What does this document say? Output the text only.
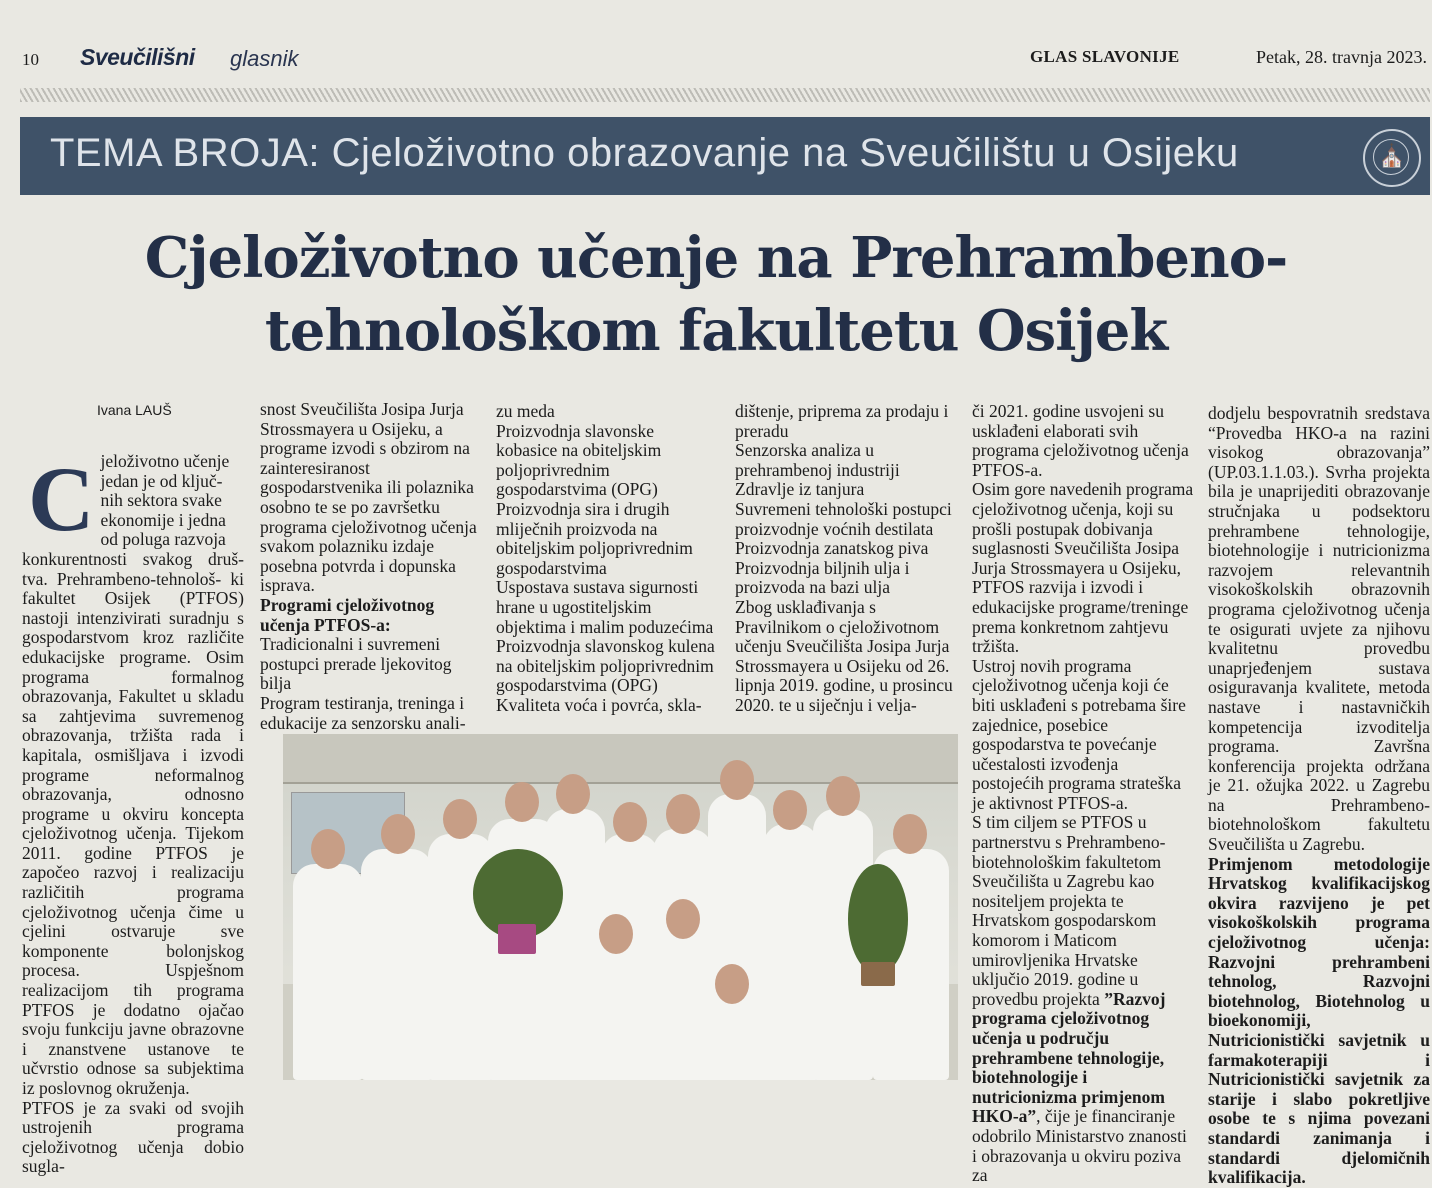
10 Sveučilišni glasnik	GLAS SLAVONIJE	Petak, 28. travnja 2023.
TEMA BROJA: Cjeloživotno obrazovanje na Sveučilištu u Osijeku	⛪
Cjeloživotno učenje na Prehrambeno-
tehnološkom fakultetu Osijek
Ivana LAUŠ
C jeloživotno učenje
jedan je od ključ-
nih sektora svake
ekonomije i jedna
od poluga razvoja

konkurentnosti svakog druš- tva. Prehrambeno-tehnološ- ki fakultet Osijek (PTFOS) nastoji intenzivirati suradnju s gospodarstvom kroz različite edukacijske programe. Osim programa formalnog obrazovanja, Fakultet u skladu sa zahtjevima suvremenog obrazovanja, tržišta rada i kapitala, osmišljava i izvodi programe neformalnog obrazovanja, odnosno programe u okviru koncepta cjeloživotnog učenja. Tijekom 2011. godine PTFOS je započeo razvoj i realizaciju različitih programa cjeloživotnog učenja čime u cjelini ostvaruje sve komponente bolonjskog procesa. Uspješnom realizacijom tih programa PTFOS je dodatno ojačao svoju funkciju javne obrazovne i znanstvene ustanove te učvrstio odnose sa subjektima iz poslovnog okruženja.

PTFOS je za svaki od svojih ustrojenih programa cjeloživotnog učenja dobio sugla-

snost Sveučilišta Josipa Jurja Strossmayera u Osijeku, a programe izvodi s obzirom na zainteresiranost gospodarstvenika ili polaznika osobno te se po završetku programa cjeloživotnog učenja svakom polazniku izdaje posebna potvrda i dopunska isprava.

Programi cjeloživotnog učenja PTFOS-a:

Tradicionalni i suvremeni postupci prerade ljekovitog bilja

Program testiranja, treninga i edukacije za senzorsku anali-

zu meda

Proizvodnja slavonske kobasice na obiteljskim poljoprivrednim gospodarstvima (OPG)

Proizvodnja sira i drugih mliječnih proizvoda na obiteljskim poljoprivrednim gospodarstvima

Uspostava sustava sigurnosti hrane u ugostiteljskim objektima i malim poduzećima

Proizvodnja slavonskog kulena na obiteljskim poljoprivrednim gospodarstvima (OPG)

Kvaliteta voća i povrća, skla-

dištenje, priprema za prodaju i preradu

Senzorska analiza u prehrambenoj industriji

Zdravlje iz tanjura

Suvremeni tehnološki postupci proizvodnje voćnih destilata

Proizvodnja zanatskog piva

Proizvodnja biljnih ulja i proizvoda na bazi ulja

Zbog usklađivanja s Pravilnikom o cjeloživotnom učenju Sveučilišta Josipa Jurja Strossmayera u Osijeku od 26. lipnja 2019. godine, u prosincu 2020. te u siječnju i velja-

či 2021. godine usvojeni su usklađeni elaborati svih programa cjeloživotnog učenja PTFOS-a.

Osim gore navedenih programa cjeloživotnog učenja, koji su prošli postupak dobivanja suglasnosti Sveučilišta Josipa Jurja Strossmayera u Osijeku, PTFOS razvija i izvodi i edukacijske programe/treninge prema konkretnom zahtjevu tržišta.

Ustroj novih programa cjeloživotnog učenja koji će biti usklađeni s potrebama šire zajednice, posebice gospodarstva te povećanje učestalosti izvođenja postojećih programa strateška je aktivnost PTFOS-a.

S tim ciljem se PTFOS u partnerstvu s Prehrambeno-biotehnološkim fakultetom Sveučilišta u Zagrebu kao nositeljem projekta te Hrvatskom gospodarskom komorom i Maticom umirovljenika Hrvatske uključio 2019. godine u provedbu projekta ”Razvoj programa cjeloživotnog učenja u području prehrambene tehnologije, biotehnologije i nutricionizma primjenom HKO-a”, čije je financiranje odobrilo Ministarstvo znanosti i obrazovanja u okviru poziva za

dodjelu bespovratnih sredstava “Provedba HKO-a na razini visokog obrazovanja” (UP.03.1.1.03.). Svrha projekta bila je unaprijediti obrazovanje stručnjaka u podsektoru prehrambene tehnologije, biotehnologije i nutricionizma razvojem relevantnih visokoškolskih obrazovnih programa cjeloživotnog učenja te osigurati uvjete za njihovu kvalitetnu provedbu unaprjeđenjem sustava osiguravanja kvalitete, metoda nastave i nastavničkih kompetencija izvoditelja programa. Završna konferencija projekta održana je 21. ožujka 2022. u Zagrebu na Prehrambeno-biotehnološkom fakultetu Sveučilišta u Zagrebu.

Primjenom metodologije Hrvatskog kvalifikacijskog okvira razvijeno je pet visokoškolskih programa cjeloživotnog učenja: Razvojni prehrambeni tehnolog, Razvojni biotehnolog, Biotehnolog u bioekonomiji, Nutricionistički savjetnik u farmakoterapiji i Nutricionistički savjetnik za starije i slabo pokretljive osobe te s njima povezani standardi zanimanja i standardi djelomičnih kvalifikacija.
